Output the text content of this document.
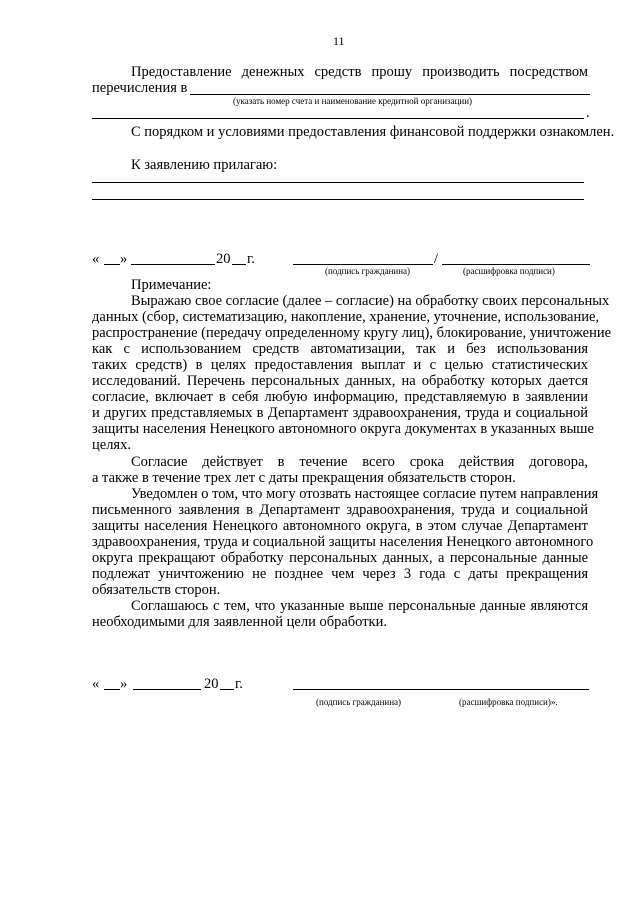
11
Предоставление денежных средств прошу производить посредством
перечисления в
(указать номер счета и наименование кредитной организации)
.
С порядком и условиями предоставления финансовой поддержки ознакомлен.
К заявлению прилагаю:
« »	20 г.	/
(подпись гражданина)	(расшифровка подписи)
Примечание:
Выражаю свое согласие (далее – согласие) на обработку своих персональных
данных (сбор, систематизацию, накопление, хранение, уточнение, использование,
распространение (передачу определенному кругу лиц), блокирование, уничтожение
как с использованием средств автоматизации, так и без использования
таких средств) в целях предоставления выплат и с целью статистических
исследований. Перечень персональных данных, на обработку которых дается
согласие, включает в себя любую информацию, представляемую в заявлении
и других представляемых в Департамент здравоохранения, труда и социальной
защиты населения Ненецкого автономного округа документах в указанных выше
целях.
Согласие действует в течение всего срока действия договора,
а также в течение трех лет с даты прекращения обязательств сторон.
Уведомлен о том, что могу отозвать настоящее согласие путем направления
письменного заявления в Департамент здравоохранения, труда и социальной
защиты населения Ненецкого автономного округа, в этом случае Департамент
здравоохранения, труда и социальной защиты населения Ненецкого автономного
округа прекращают обработку персональных данных, а персональные данные
подлежат уничтожению не позднее чем через 3 года с даты прекращения
обязательств сторон.
Соглашаюсь с тем, что указанные выше персональные данные являются
необходимыми для заявленной цели обработки.
« »	20 г.
(подпись гражданина)	(расшифровка подписи)».
